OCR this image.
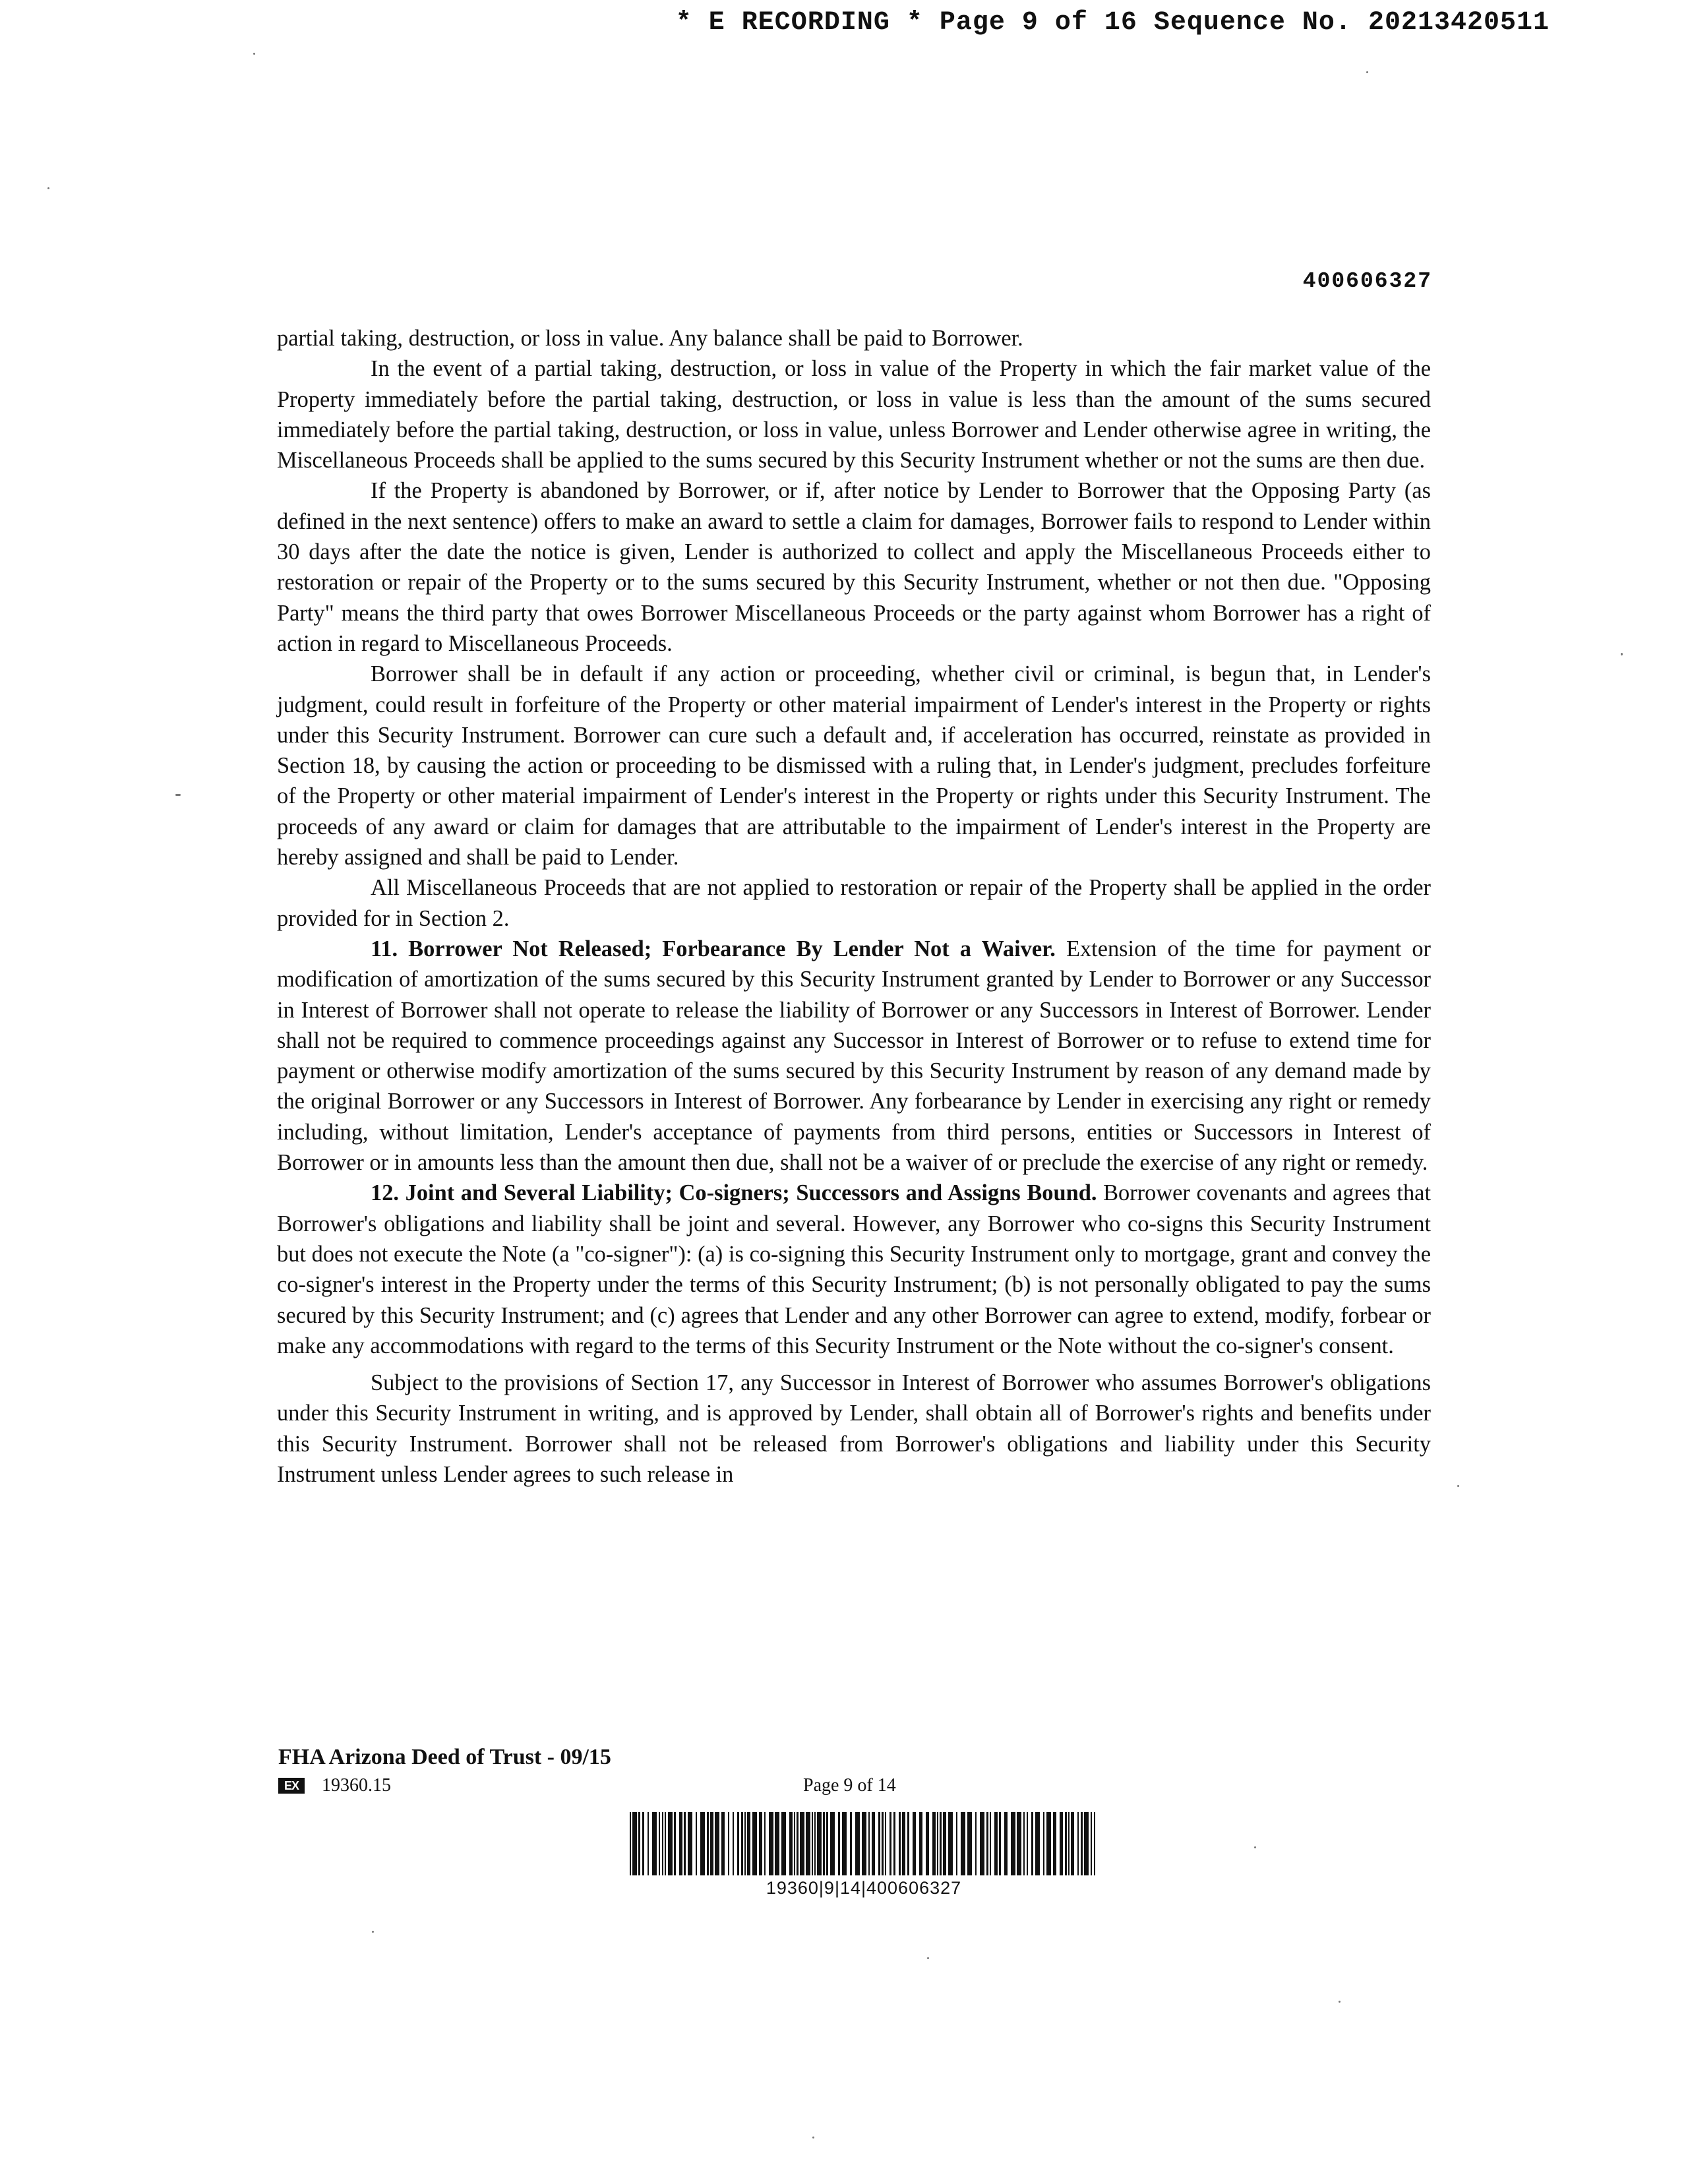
* E RECORDING * Page 9 of 16 Sequence No. 20213420511
400606327

partial taking, destruction, or loss in value. Any balance shall be paid to Borrower.

In the event of a partial taking, destruction, or loss in value of the Property in which the fair market value of the Property immediately before the partial taking, destruction, or loss in value is less than the amount of the sums secured immediately before the partial taking, destruction, or loss in value, unless Borrower and Lender otherwise agree in writing, the Miscellaneous Proceeds shall be applied to the sums secured by this Security Instrument whether or not the sums are then due.

If the Property is abandoned by Borrower, or if, after notice by Lender to Borrower that the Opposing Party (as defined in the next sentence) offers to make an award to settle a claim for damages, Borrower fails to respond to Lender within 30 days after the date the notice is given, Lender is authorized to collect and apply the Miscellaneous Proceeds either to restoration or repair of the Property or to the sums secured by this Security Instrument, whether or not then due. "Opposing Party" means the third party that owes Borrower Miscellaneous Proceeds or the party against whom Borrower has a right of action in regard to Miscellaneous Proceeds.

Borrower shall be in default if any action or proceeding, whether civil or criminal, is begun that, in Lender's judgment, could result in forfeiture of the Property or other material impairment of Lender's interest in the Property or rights under this Security Instrument. Borrower can cure such a default and, if acceleration has occurred, reinstate as provided in Section 18, by causing the action or proceeding to be dismissed with a ruling that, in Lender's judgment, precludes forfeiture of the Property or other material impairment of Lender's interest in the Property or rights under this Security Instrument. The proceeds of any award or claim for damages that are attributable to the impairment of Lender's interest in the Property are hereby assigned and shall be paid to Lender.

All Miscellaneous Proceeds that are not applied to restoration or repair of the Property shall be applied in the order provided for in Section 2.

11. Borrower Not Released; Forbearance By Lender Not a Waiver. Extension of the time for payment or modification of amortization of the sums secured by this Security Instrument granted by Lender to Borrower or any Successor in Interest of Borrower shall not operate to release the liability of Borrower or any Successors in Interest of Borrower. Lender shall not be required to commence proceedings against any Successor in Interest of Borrower or to refuse to extend time for payment or otherwise modify amortization of the sums secured by this Security Instrument by reason of any demand made by the original Borrower or any Successors in Interest of Borrower. Any forbearance by Lender in exercising any right or remedy including, without limitation, Lender's acceptance of payments from third persons, entities or Successors in Interest of Borrower or in amounts less than the amount then due, shall not be a waiver of or preclude the exercise of any right or remedy.

12. Joint and Several Liability; Co-signers; Successors and Assigns Bound. Borrower covenants and agrees that Borrower's obligations and liability shall be joint and several. However, any Borrower who co-signs this Security Instrument but does not execute the Note (a "co-signer"): (a) is co-signing this Security Instrument only to mortgage, grant and convey the co-signer's interest in the Property under the terms of this Security Instrument; (b) is not personally obligated to pay the sums secured by this Security Instrument; and (c) agrees that Lender and any other Borrower can agree to extend, modify, forbear or make any accommodations with regard to the terms of this Security Instrument or the Note without the co-signer's consent.

Subject to the provisions of Section 17, any Successor in Interest of Borrower who assumes Borrower's obligations under this Security Instrument in writing, and is approved by Lender, shall obtain all of Borrower's rights and benefits under this Security Instrument. Borrower shall not be released from Borrower's obligations and liability under this Security Instrument unless Lender agrees to such release in

FHA Arizona Deed of Trust - 09/15
EX	19360.15	Page 9 of 14
19360|9|14|400606327
